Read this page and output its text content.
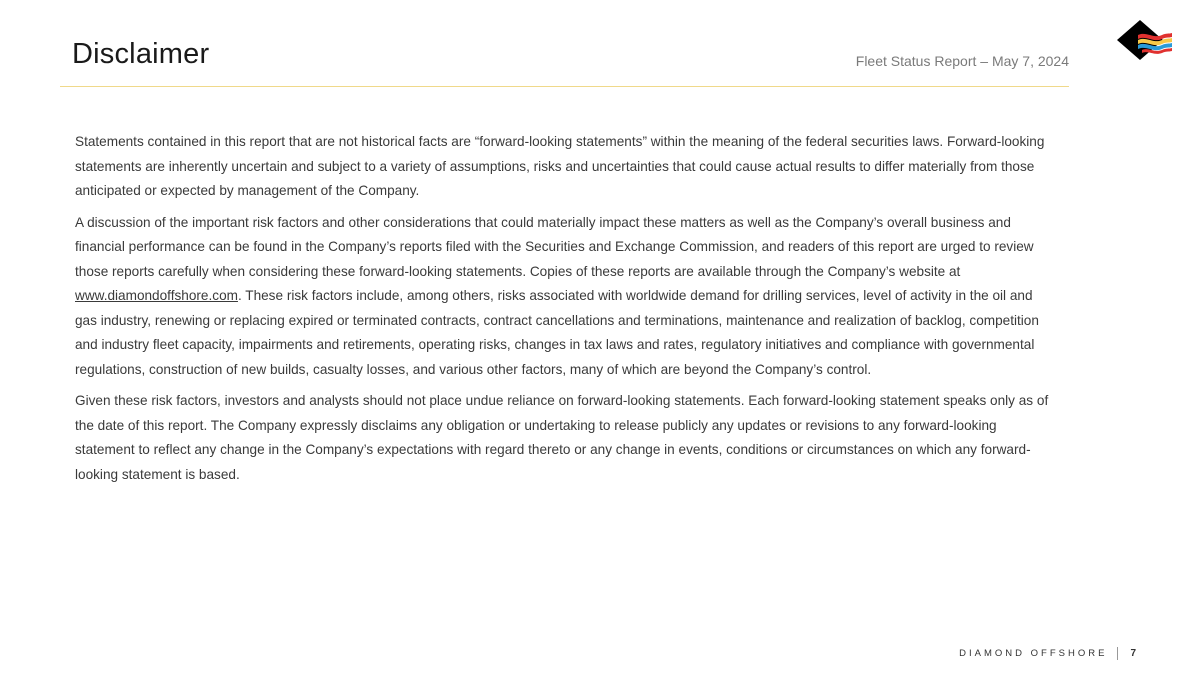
Disclaimer	Fleet Status Report – May 7, 2024

Statements contained in this report that are not historical facts are “forward-looking statements” within the meaning of the federal securities laws. Forward-looking statements are inherently uncertain and subject to a variety of assumptions, risks and uncertainties that could cause actual results to differ materially from those anticipated or expected by management of the Company.

A discussion of the important risk factors and other considerations that could materially impact these matters as well as the Company’s overall business and financial performance can be found in the Company’s reports filed with the Securities and Exchange Commission, and readers of this report are urged to review those reports carefully when considering these forward-looking statements. Copies of these reports are available through the Company’s website at www.diamondoffshore.com. These risk factors include, among others, risks associated with worldwide demand for drilling services, level of activity in the oil and gas industry, renewing or replacing expired or terminated contracts, contract cancellations and terminations, maintenance and realization of backlog, competition and industry fleet capacity, impairments and retirements, operating risks, changes in tax laws and rates, regulatory initiatives and compliance with governmental regulations, construction of new builds, casualty losses, and various other factors, many of which are beyond the Company’s control.

Given these risk factors, investors and analysts should not place undue reliance on forward-looking statements. Each forward-looking statement speaks only as of the date of this report. The Company expressly disclaims any obligation or undertaking to release publicly any updates or revisions to any forward-looking statement to reflect any change in the Company’s expectations with regard thereto or any change in events, conditions or circumstances on which any forward-looking statement is based.

DIAMOND OFFSHORE 7
